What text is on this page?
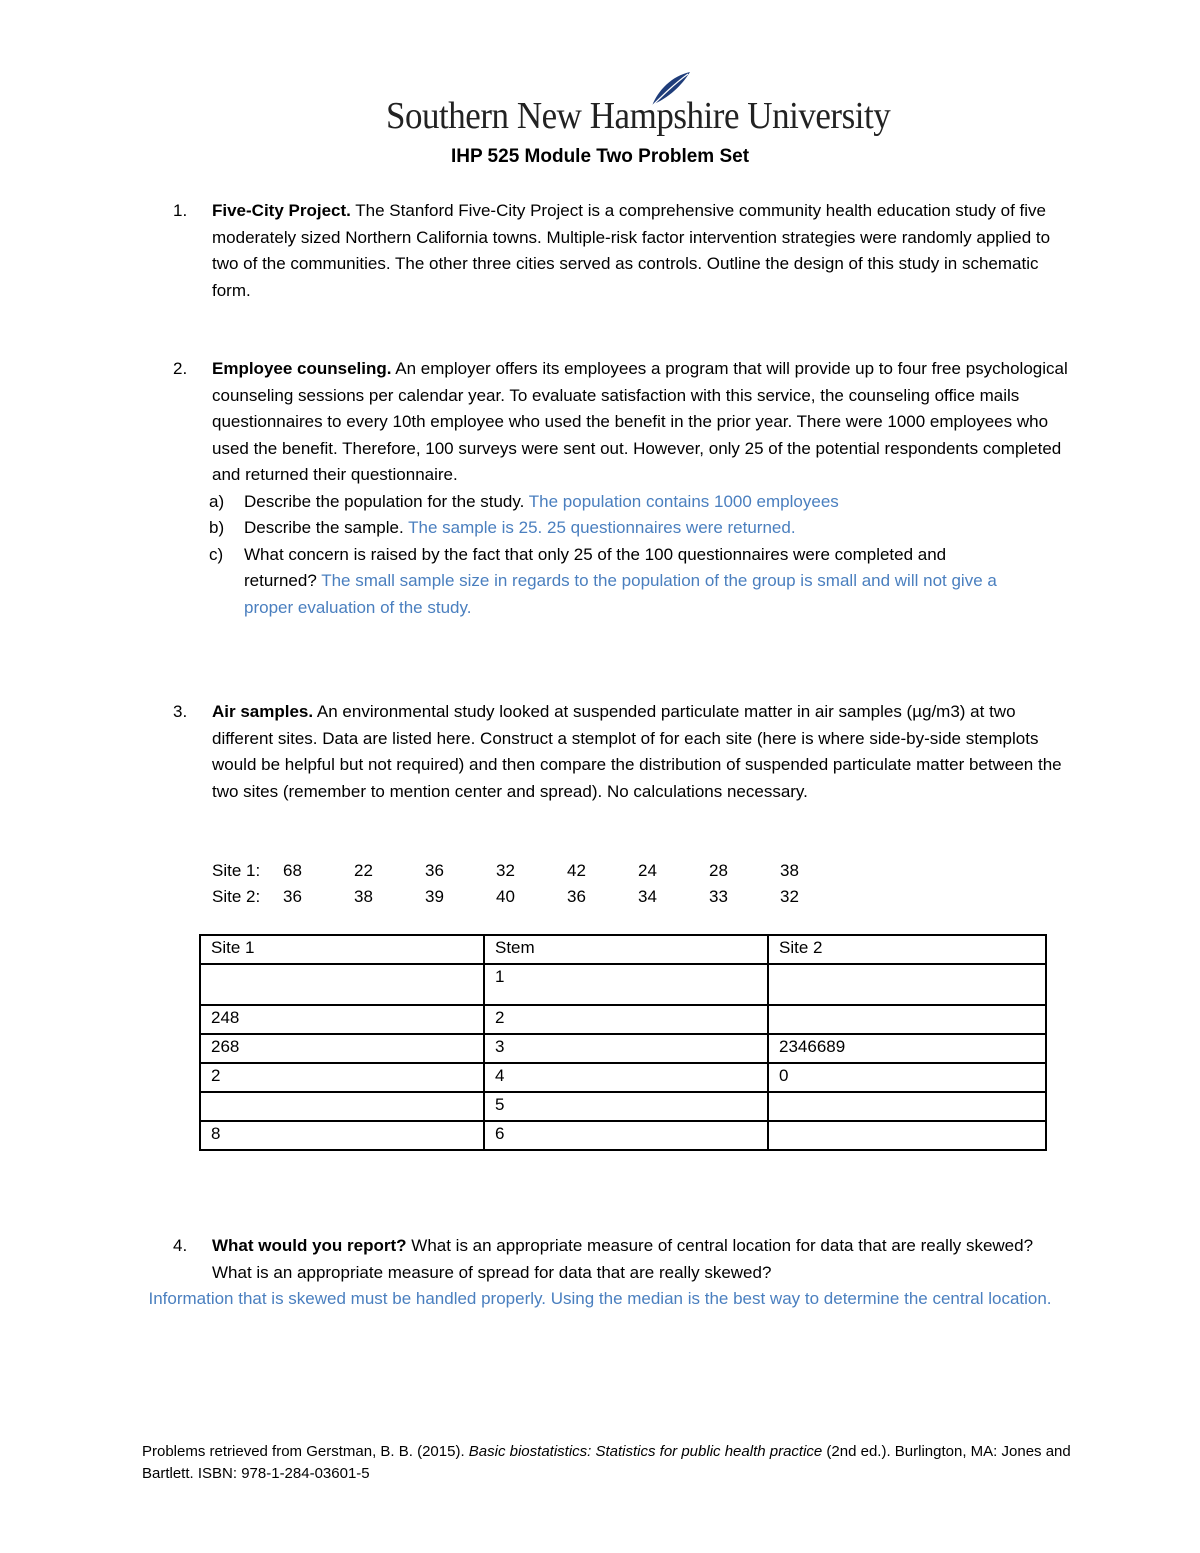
Southern New Hampshire University
IHP 525 Module Two Problem Set
1. Five-City Project. The Stanford Five-City Project is a comprehensive community health education study of five moderately sized Northern California towns. Multiple-risk factor intervention strategies were randomly applied to two of the communities. The other three cities served as controls. Outline the design of this study in schematic form.
2. Employee counseling. An employer offers its employees a program that will provide up to four free psychological counseling sessions per calendar year. To evaluate satisfaction with this service, the counseling office mails questionnaires to every 10th employee who used the benefit in the prior year. There were 1000 employees who used the benefit. Therefore, 100 surveys were sent out. However, only 25 of the potential respondents completed and returned their questionnaire.
a) Describe the population for the study. The population contains 1000 employees
b) Describe the sample. The sample is 25. 25 questionnaires were returned.
c) What concern is raised by the fact that only 25 of the 100 questionnaires were completed and returned? The small sample size in regards to the population of the group is small and will not give a proper evaluation of the study.
3. Air samples. An environmental study looked at suspended particulate matter in air samples (µg/m3) at two different sites. Data are listed here. Construct a stemplot of for each site (here is where side-by-side stemplots would be helpful but not required) and then compare the distribution of suspended particulate matter between the two sites (remember to mention center and spread). No calculations necessary.
Site 1: 68	22	36	32	42	24	28	38
Site 2: 36	38	39	40	36	34	33	32
Site 1	Stem	Site 2
	1	
248	2	
268	3	2346689
2	4	0
	5	
8	6	
4. What would you report? What is an appropriate measure of central location for data that are really skewed? What is an appropriate measure of spread for data that are really skewed?
Information that is skewed must be handled properly. Using the median is the best way to determine the central location.
Problems retrieved from Gerstman, B. B. (2015). Basic biostatistics: Statistics for public health practice (2nd ed.). Burlington, MA: Jones and Bartlett. ISBN: 978-1-284-03601-5
